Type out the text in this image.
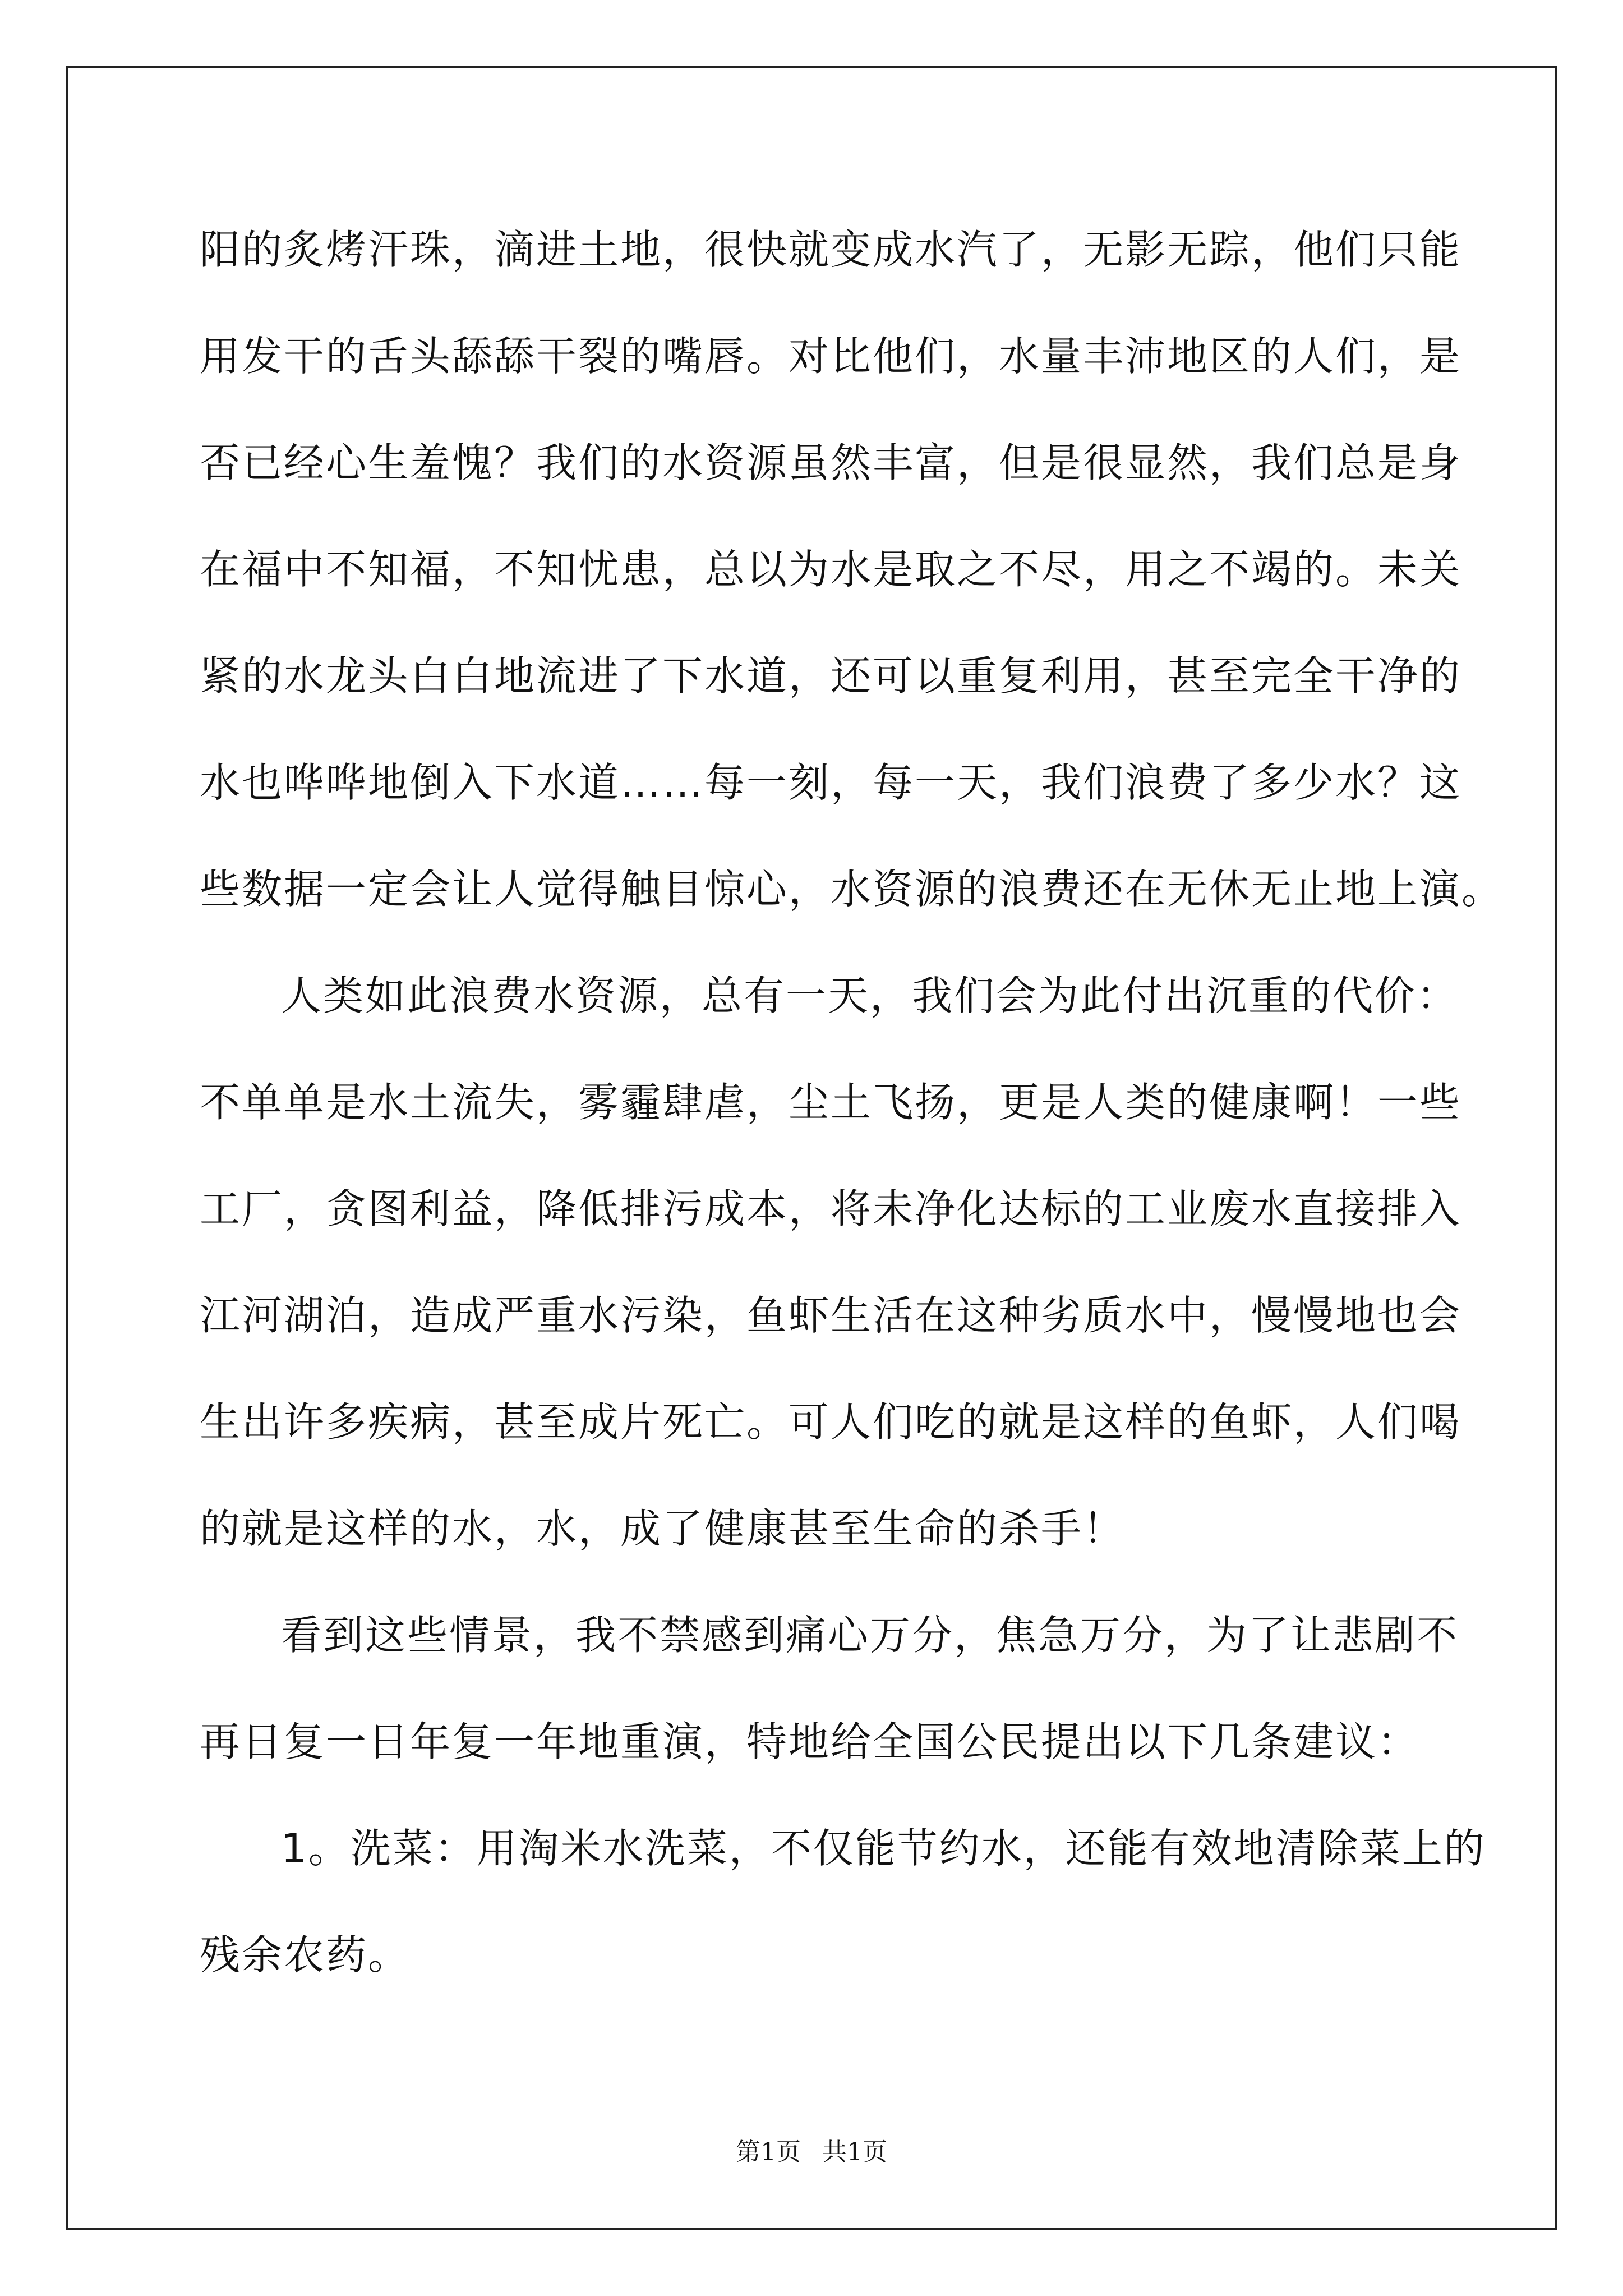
阳的炙烤汗珠，滴进土地，很快就变成水汽了，无影无踪，他们只能
用发干的舌头舔舔干裂的嘴唇。对比他们，水量丰沛地区的人们，是
否已经心生羞愧？我们的水资源虽然丰富，但是很显然，我们总是身
在福中不知福，不知忧患，总以为水是取之不尽，用之不竭的。未关
紧的水龙头白白地流进了下水道，还可以重复利用，甚至完全干净的
水也哗哗地倒入下水道……每一刻，每一天，我们浪费了多少水？这
些数据一定会让人觉得触目惊心，水资源的浪费还在无休无止地上演。
人类如此浪费水资源，总有一天，我们会为此付出沉重的代价：
不单单是水土流失，雾霾肆虐，尘土飞扬，更是人类的健康啊！一些
工厂，贪图利益，降低排污成本，将未净化达标的工业废水直接排入
江河湖泊，造成严重水污染，鱼虾生活在这种劣质水中，慢慢地也会
生出许多疾病，甚至成片死亡。可人们吃的就是这样的鱼虾，人们喝
的就是这样的水，水，成了健康甚至生命的杀手！
看到这些情景，我不禁感到痛心万分，焦急万分，为了让悲剧不
再日复一日年复一年地重演，特地给全国公民提出以下几条建议：
1。洗菜：用淘米水洗菜，不仅能节约水，还能有效地清除菜上的
残余农药。
第1页 共1页
